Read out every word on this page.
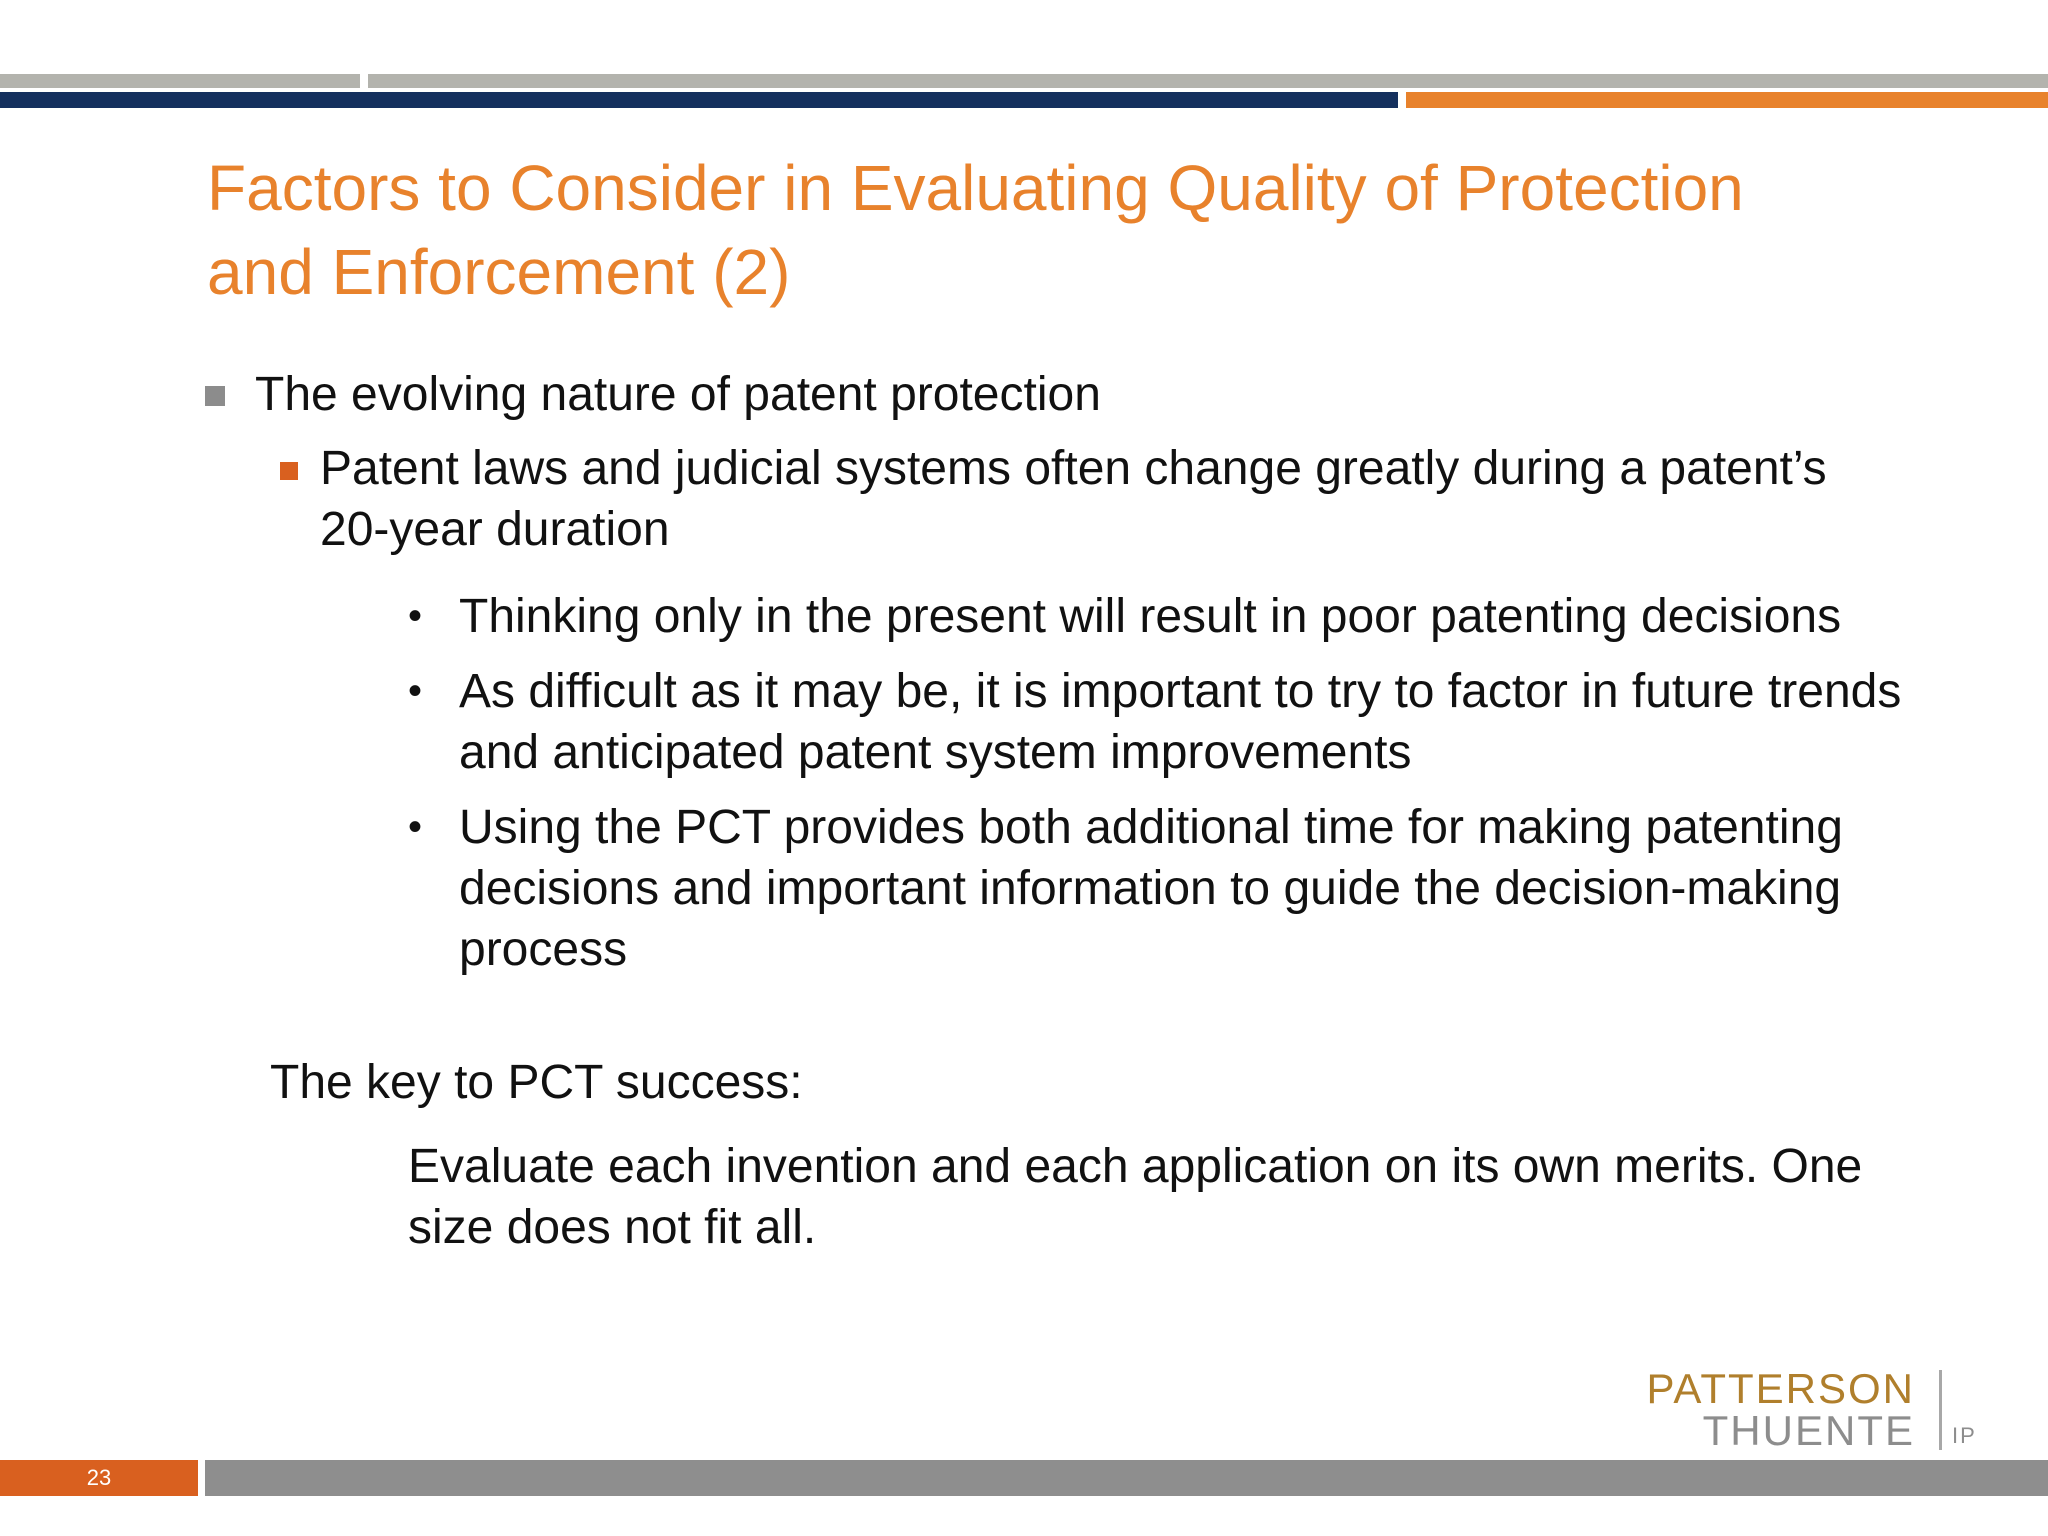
Factors to Consider in Evaluating Quality of Protection
and Enforcement (2)

The evolving nature of patent protection

Patent laws and judicial systems often change greatly during a patent’s
20-year duration

• Thinking only in the present will result in poor patenting decisions

• As difficult as it may be, it is important to try to factor in future trends
and anticipated patent system improvements

• Using the PCT provides both additional time for making patenting
decisions and important information to guide the decision-making
process

The key to PCT success:

Evaluate each invention and each application on its own merits. One
size does not fit all.

PATTERSON
THUENTE IP
23
